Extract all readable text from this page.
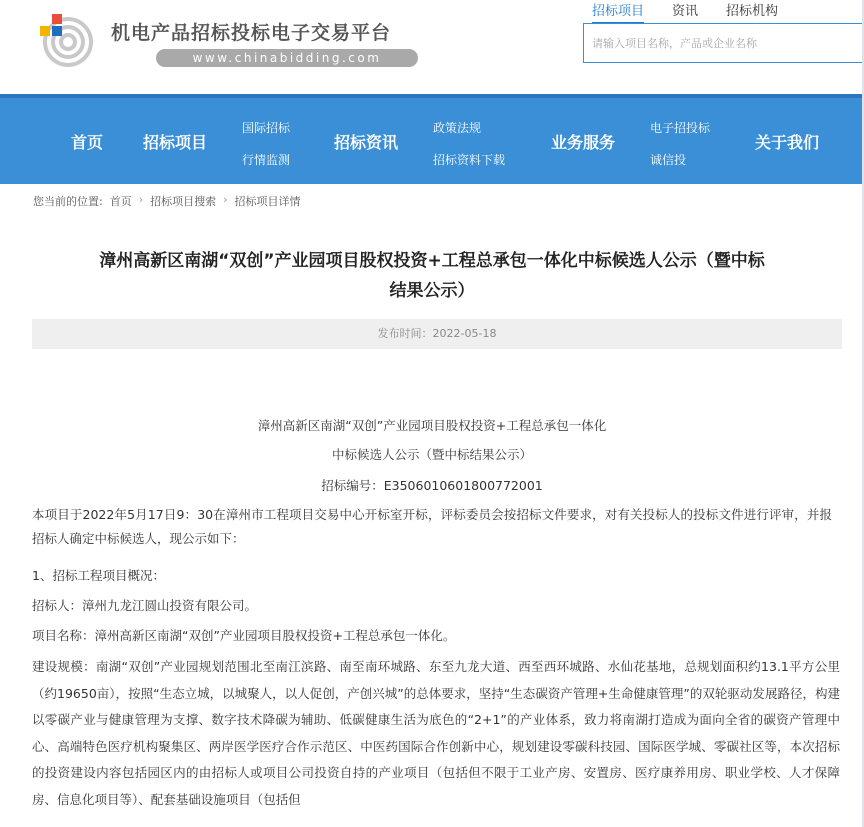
机电产品招标投标电子交易平台
www.chinabidding.com
招标项目 资讯 招标机构
请输入项目名称，产品或企业名称
首页 招标项目
国际招标
行情监测
招标资讯
政策法规
招标资料下载
业务服务
电子招投标
诚信投
关于我们
您当前的位置: 首页 › 招标项目搜索 › 招标项目详情
漳州高新区南湖“双创”产业园项目股权投资+工程总承包一体化中标候选人公示（暨中标
结果公示）
发布时间：2022-05-18
漳州高新区南湖“双创”产业园项目股权投资+工程总承包一体化
中标候选人公示（暨中标结果公示）
招标编号：E3506010601800772001
本项目于2022年5月17日9：30在漳州市工程项目交易中心开标室开标，评标委员会按招标文件要求，对有关投标人的投标文件进行评审，并报招标人确定中标候选人，现公示如下：
1、招标工程项目概况：
招标人：漳州九龙江圆山投资有限公司。
项目名称：漳州高新区南湖“双创”产业园项目股权投资+工程总承包一体化。
建设规模：南湖“双创”产业园规划范围北至南江滨路、南至南环城路、东至九龙大道、西至西环城路、水仙花基地，总规划面积约13.1平方公里（约19650亩），按照“生态立城，以城聚人，以人促创，产创兴城”的总体要求，坚持“生态碳资产管理+生命健康管理”的双轮驱动发展路径，构建以零碳产业与健康管理为支撑、数字技术降碳为辅助、低碳健康生活为底色的“2+1”的产业体系，致力将南湖打造成为面向全省的碳资产管理中心、高端特色医疗机构聚集区、两岸医学医疗合作示范区、中医药国际合作创新中心，规划建设零碳科技园、国际医学城、零碳社区等，本次招标的投资建设内容包括园区内的由招标人或项目公司投资自持的产业项目（包括但不限于工业产房、安置房、医疗康养用房、职业学校、人才保障房、信息化项目等）、配套基础设施项目（包括但
